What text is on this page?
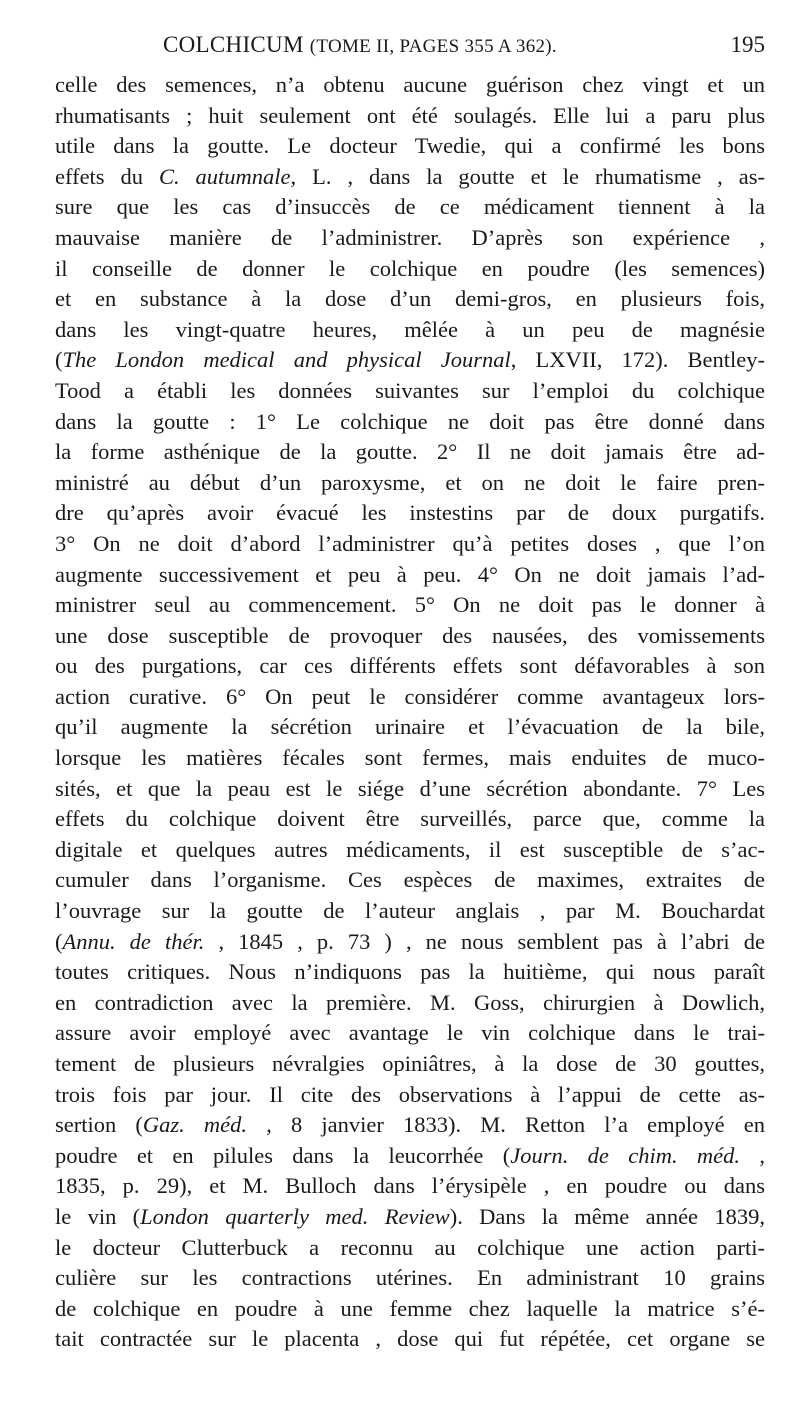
COLCHICUM (TOME II, PAGES 355 A 362).	195
celle des semences, n’a obtenu aucune guérison chez vingt et un
rhumatisants ; huit seulement ont été soulagés. Elle lui a paru plus
utile dans la goutte. Le docteur Twedie, qui a confirmé les bons
effets du C. autumnale, L. , dans la goutte et le rhumatisme , as-
sure que les cas d’insuccès de ce médicament tiennent à la
mauvaise manière de l’administrer. D’après son expérience ,
il conseille de donner le colchique en poudre (les semences)
et en substance à la dose d’un demi-gros, en plusieurs fois,
dans les vingt-quatre heures, mêlée à un peu de magnésie
(The London medical and physical Journal, LXVII, 172). Bentley-
Tood a établi les données suivantes sur l’emploi du colchique
dans la goutte : 1° Le colchique ne doit pas être donné dans
la forme asthénique de la goutte. 2° Il ne doit jamais être ad-
ministré au début d’un paroxysme, et on ne doit le faire pren-
dre qu’après avoir évacué les instestins par de doux purgatifs.
3° On ne doit d’abord l’administrer qu’à petites doses , que l’on
augmente successivement et peu à peu. 4° On ne doit jamais l’ad-
ministrer seul au commencement. 5° On ne doit pas le donner à
une dose susceptible de provoquer des nausées, des vomissements
ou des purgations, car ces différents effets sont défavorables à son
action curative. 6° On peut le considérer comme avantageux lors-
qu’il augmente la sécrétion urinaire et l’évacuation de la bile,
lorsque les matières fécales sont fermes, mais enduites de muco-
sités, et que la peau est le siége d’une sécrétion abondante. 7° Les
effets du colchique doivent être surveillés, parce que, comme la
digitale et quelques autres médicaments, il est susceptible de s’ac-
cumuler dans l’organisme. Ces espèces de maximes, extraites de
l’ouvrage sur la goutte de l’auteur anglais , par M. Bouchardat
(Annu. de thér. , 1845 , p. 73 ) , ne nous semblent pas à l’abri de
toutes critiques. Nous n’indiquons pas la huitième, qui nous paraît
en contradiction avec la première. M. Goss, chirurgien à Dowlich,
assure avoir employé avec avantage le vin colchique dans le trai-
tement de plusieurs névralgies opiniâtres, à la dose de 30 gouttes,
trois fois par jour. Il cite des observations à l’appui de cette as-
sertion (Gaz. méd. , 8 janvier 1833). M. Retton l’a employé en
poudre et en pilules dans la leucorrhée (Journ. de chim. méd. ,
1835, p. 29), et M. Bulloch dans l’érysipèle , en poudre ou dans
le vin (London quarterly med. Review). Dans la même année 1839,
le docteur Clutterbuck a reconnu au colchique une action parti-
culière sur les contractions utérines. En administrant 10 grains
de colchique en poudre à une femme chez laquelle la matrice s’é-
tait contractée sur le placenta , dose qui fut répétée, cet organe se
